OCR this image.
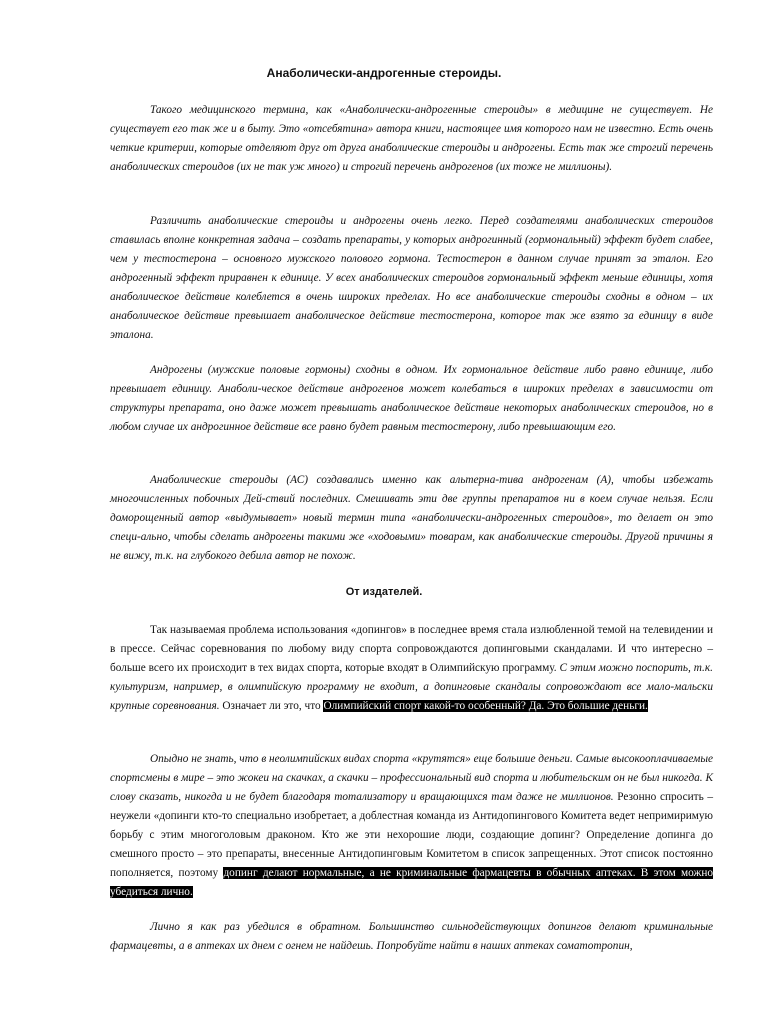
Анаболически-андрогенные стероиды.

Такого медицинского термина, как «Анаболически-андрогенные стероиды» в медицине не существует. Не существует его так же и в быту. Это «отсебятина» автора книги, настоящее имя которого нам не известно. Есть очень четкие критерии, которые отделяют друг от друга анаболические стероиды и андрогены. Есть так же строгий перечень анаболических стероидов (их не так уж много) и строгий перечень андрогенов (их тоже не миллионы).

Различить анаболические стероиды и андрогены очень легко. Перед создателями анаболических стероидов ставилась вполне конкретная задача – создать препараты, у которых андрогинный (гормональный) эффект будет слабее, чем у тестостерона – основного мужского полового гормона. Тестостерон в данном случае принят за эталон. Его андрогенный эффект приравнен к единице. У всех анаболических стероидов гормональный эффект меньше единицы, хотя анаболическое действие колеблется в очень широких пределах. Но все анаболические стероиды сходны в одном – их анаболическое действие превышает анаболическое действие тестостерона, которое так же взято за единицу в виде эталона.

Андрогены (мужские половые гормоны) сходны в одном. Их гормональное действие либо равно единице, либо превышает единицу. Анаболи-ческое действие андрогенов может колебаться в широких пределах в зависимости от структуры препарата, оно даже может превышать анаболическое действие некоторых анаболических стероидов, но в любом случае их андрогинное действие все равно будет равным тестостерону, либо превышающим его.

Анаболические стероиды (АС) создавались именно как альтерна-тива андрогенам (А), чтобы избежать многочисленных побочных Дей-ствий последних. Смешивать эти две группы препаратов ни в коем случае нельзя. Если доморощенный автор «выдумывает» новый термин типа «анаболически-андрогенных стероидов», то делает он это специ-ально, чтобы сделать андрогены такими же «ходовыми» товарам, как анаболические стероиды. Другой причины я не вижу, т.к. на глубокого дебила автор не похож.

От издателей.

Так называемая проблема использования «допингов» в последнее время стала излюбленной темой на телевидении и в прессе. Сейчас соревнования по любому виду спорта сопровождаются допинговыми скандалами. И что интересно – больше всего их происходит в тех видах спорта, которые входят в Олимпийскую программу. С этим можно поспорить, т.к. культуризм, например, в олимпийскую программу не входит, а допинговые скандалы сопровождают все мало-мальски крупные соревнования. Означает ли это, что Олимпийский спорт какой-то особенный? Да. Это большие деньги.

Опыдно не знать, что в неолимпийских видах спорта «крутятся» еще большие деньги. Самые высокооплачиваемые спортсмены в мире – это жокеи на скачках, а скачки – профессиональный вид спорта и любительским он не был никогда. К слову сказать, никогда и не будет благодаря тотализатору и вращающихся там даже не миллионов. Резонно спросить – неужели «допинги кто-то специально изобретает, а доблестная команда из Антидопингового Комитета ведет непримиримую борьбу с этим многоголовым драконом. Кто же эти нехорошие люди, создающие допинг? Определение допинга до смешного просто – это препараты, внесенные Антидопинговым Комитетом в список запрещенных. Этот список постоянно пополняется, поэтому допинг делают нормальные, а не криминальные фармацевты в обычных аптеках. В этом можно убедиться лично.

Лично я как раз убедился в обратном. Большинство сильнодействующих допингов делают криминальные фармацевты, а в аптеках их днем с огнем не найдешь. Попробуйте найти в наших аптеках соматотропин,
